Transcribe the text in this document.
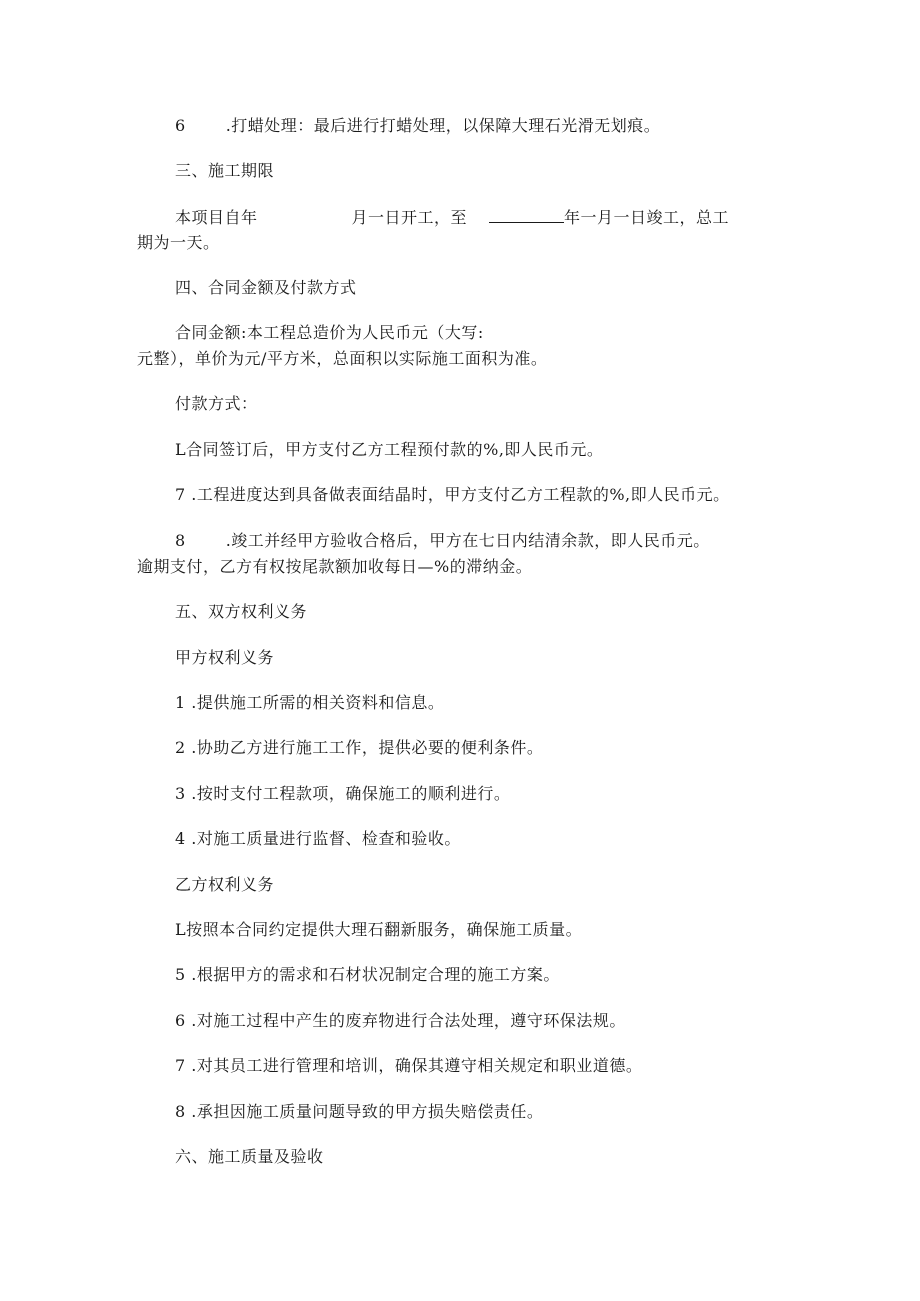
6	.打蜡处理：最后进行打蜡处理，以保障大理石光滑无划痕。
三、施工期限
本项目自年	月一日开工，至	年一月一日竣工，总工
期为一天。
四、合同金额及付款方式
合同金额:本工程总造价为人民币元（大写:
元整），单价为元/平方米，总面积以实际施工面积为准。
付款方式：
L合同签订后，甲方支付乙方工程预付款的%,即人民币元。
7 .工程进度达到具备做表面结晶时，甲方支付乙方工程款的%,即人民币元。
8	.竣工并经甲方验收合格后，甲方在七日内结清余款，即人民币元。
逾期支付，乙方有权按尾款额加收每日—%的滞纳金。
五、双方权利义务
甲方权利义务
1 .提供施工所需的相关资料和信息。
2 .协助乙方进行施工工作，提供必要的便利条件。
3 .按时支付工程款项，确保施工的顺利进行。
4 .对施工质量进行监督、检查和验收。
乙方权利义务
L按照本合同约定提供大理石翻新服务，确保施工质量。
5 .根据甲方的需求和石材状况制定合理的施工方案。
6 .对施工过程中产生的废弃物进行合法处理，遵守环保法规。
7 .对其员工进行管理和培训，确保其遵守相关规定和职业道德。
8 .承担因施工质量问题导致的甲方损失赔偿责任。
六、施工质量及验收
